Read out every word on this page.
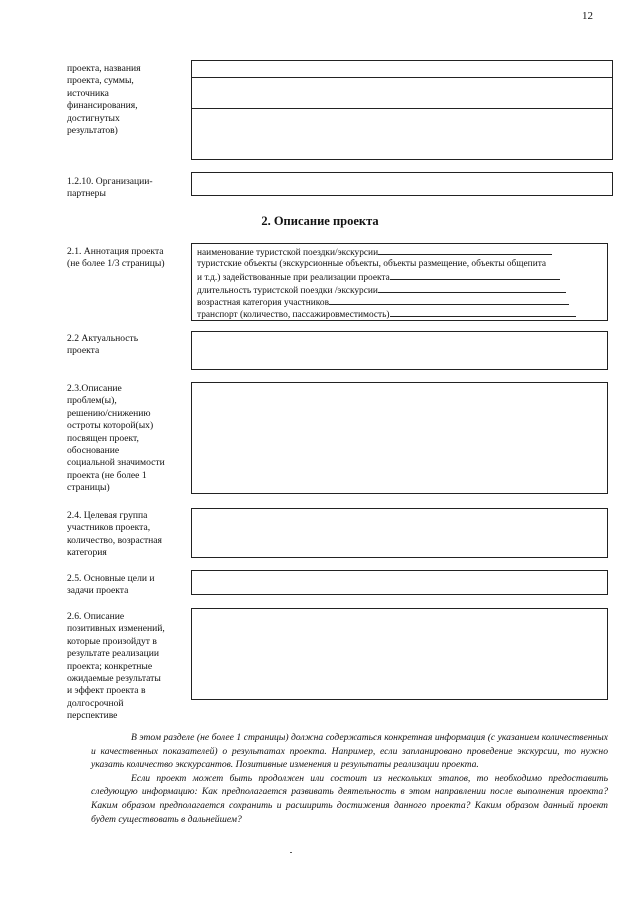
12
проекта, названия
проекта, суммы,
источника
финансирования,
достигнутых
результатов)
1.2.10. Организации-
партнеры
2. Описание проекта
2.1. Аннотация проекта
(не более 1/3 страницы)
наименование туристской поездки/экскурсии
туристские объекты (экскурсионные объекты, объекты размещение, объекты общепита
и т.д.) задействованные при реализации проекта
длительность туристской поездки /экскурсии
возрастная категория участников
транспорт (количество, пассажировместимость)
2.2 Актуальность
проекта
2.3.Описание
проблем(ы),
решению/снижению
остроты которой(ых)
посвящен проект,
обоснование
социальной значимости
проекта (не более 1
страницы)
2.4. Целевая группа
участников проекта,
количество, возрастная
категория
2.5. Основные цели и
задачи проекта
2.6. Описание
позитивных изменений,
которые произойдут в
результате реализации
проекта; конкретные
ожидаемые результаты
и эффект проекта в
долгосрочной
перспективе

В этом разделе (не более 1 страницы) должна содержаться конкретная информация (с указанием количественных и качественных показателей) о результатах проекта. Например, если запланировано проведение экскурсии, то нужно указать количество экскурсантов. Позитивные изменения и результаты реализации проекта.

Если проект может быть продолжен или состоит из нескольких этапов, то необходимо предоставить следующую информацию: Как предполагается развивать деятельность в этом направлении после выполнения проекта? Каким образом предполагается сохранить и расширить достижения данного проекта? Каким образом данный проект будет существовать в дальнейшем?
